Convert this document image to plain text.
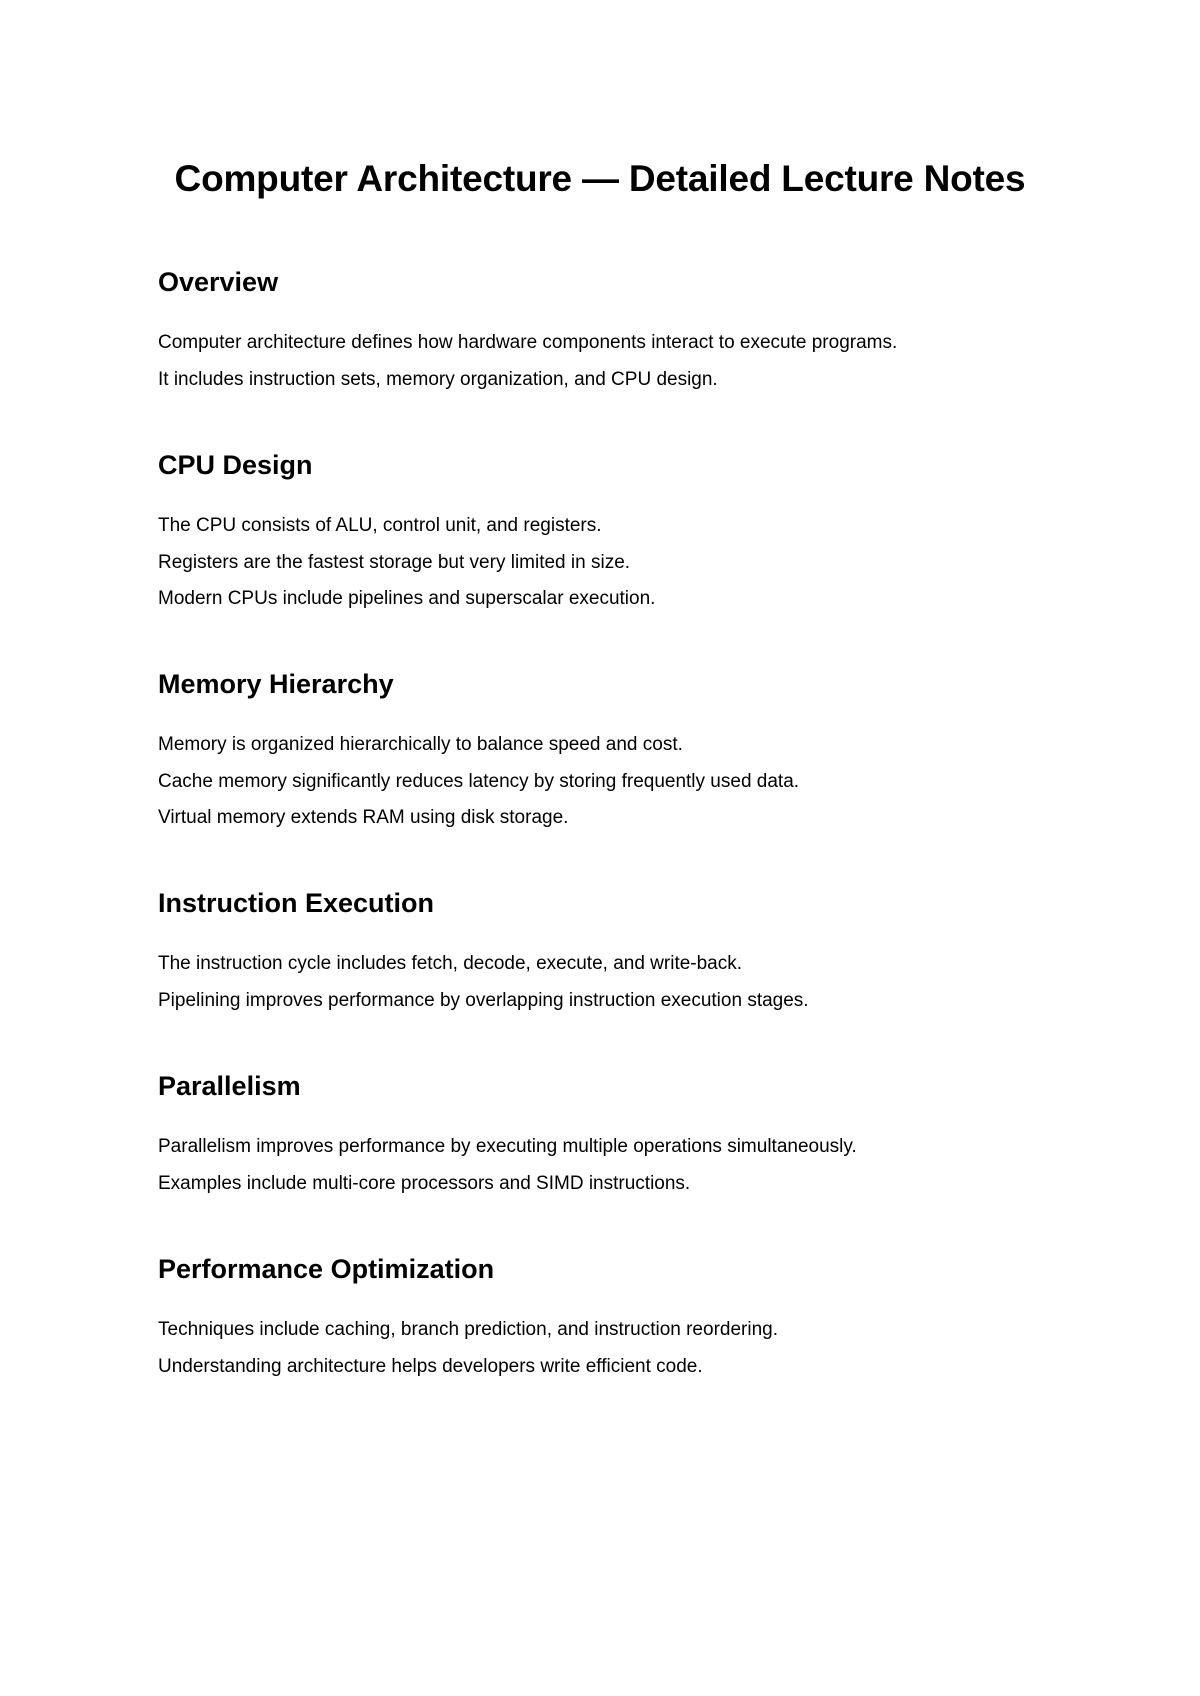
Computer Architecture — Detailed Lecture Notes
Overview

Computer architecture defines how hardware components interact to execute programs.

It includes instruction sets, memory organization, and CPU design.

CPU Design

The CPU consists of ALU, control unit, and registers.

Registers are the fastest storage but very limited in size.

Modern CPUs include pipelines and superscalar execution.

Memory Hierarchy

Memory is organized hierarchically to balance speed and cost.

Cache memory significantly reduces latency by storing frequently used data.

Virtual memory extends RAM using disk storage.

Instruction Execution

The instruction cycle includes fetch, decode, execute, and write-back.

Pipelining improves performance by overlapping instruction execution stages.

Parallelism

Parallelism improves performance by executing multiple operations simultaneously.

Examples include multi-core processors and SIMD instructions.

Performance Optimization

Techniques include caching, branch prediction, and instruction reordering.

Understanding architecture helps developers write efficient code.
